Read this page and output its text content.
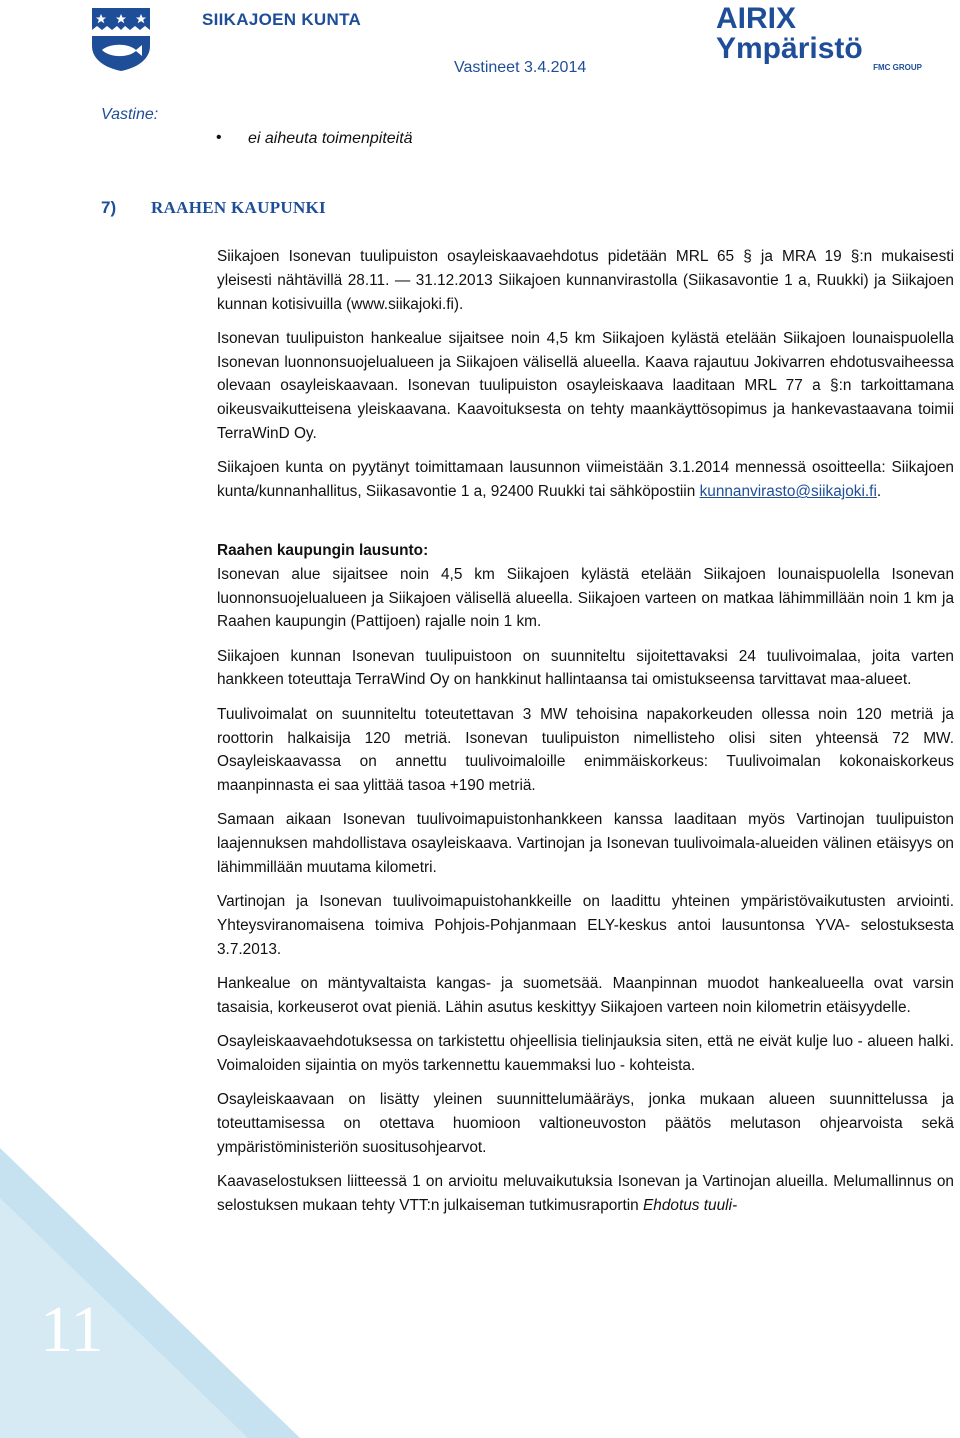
11
SIIKAJOEN KUNTA	AIRIX Ympäristö
FMC GROUP
Vastineet 3.4.2014
Vastine:
• ei aiheuta toimenpiteitä
7) RAAHEN KAUPUNKI

Siikajoen Isonevan tuulipuiston osayleiskaavaehdotus pidetään MRL 65 § ja MRA 19 §:n mukaisesti yleisesti nähtävillä 28.11. — 31.12.2013 Siikajoen kunnanvirastolla (Siikasavontie 1 a, Ruukki) ja Siikajoen kunnan kotisivuilla (www.siikajoki.fi).

Isonevan tuulipuiston hankealue sijaitsee noin 4,5 km Siikajoen kylästä etelään Siikajoen lounaispuolella Isonevan luonnonsuojelualueen ja Siikajoen välisellä alueella. Kaava rajautuu Jokivarren ehdotusvaiheessa olevaan osayleiskaavaan. Isonevan tuulipuiston osayleiskaava laaditaan MRL 77 a §:n tarkoittamana oikeusvaikutteisena yleiskaavana. Kaavoituksesta on tehty maankäyttösopimus ja hankevastaavana toimii TerraWinD Oy.

Siikajoen kunta on pyytänyt toimittamaan lausunnon viimeistään 3.1.2014 mennessä osoitteella: Siikajoen kunta/kunnanhallitus, Siikasavontie 1 a, 92400 Ruukki tai sähköpostiin kunnanvirasto@siikajoki.fi.

Raahen kaupungin lausunto:

Isonevan alue sijaitsee noin 4,5 km Siikajoen kylästä etelään Siikajoen lounaispuolella Isonevan luonnonsuojelualueen ja Siikajoen välisellä alueella. Siikajoen varteen on matkaa lähimmillään noin 1 km ja Raahen kaupungin (Pattijoen) rajalle noin 1 km.

Siikajoen kunnan Isonevan tuulipuistoon on suunniteltu sijoitettavaksi 24 tuulivoimalaa, joita varten hankkeen toteuttaja TerraWind Oy on hankkinut hallintaansa tai omistukseensa tarvittavat maa-alueet.

Tuulivoimalat on suunniteltu toteutettavan 3 MW tehoisina napakorkeuden ollessa noin 120 metriä ja roottorin halkaisija 120 metriä. Isonevan tuulipuiston nimellisteho olisi siten yhteensä 72 MW. Osayleiskaavassa on annettu tuulivoimaloille enimmäiskorkeus: Tuulivoimalan kokonaiskorkeus maanpinnasta ei saa ylittää tasoa +190 metriä.

Samaan aikaan Isonevan tuulivoimapuistonhankkeen kanssa laaditaan myös Vartinojan tuulipuiston laajennuksen mahdollistava osayleiskaava. Vartinojan ja Isonevan tuulivoimala-alueiden välinen etäisyys on lähimmillään muutama kilometri.

Vartinojan ja Isonevan tuulivoimapuistohankkeille on laadittu yhteinen ympäristövaikutusten arviointi. Yhteysviranomaisena toimiva Pohjois-Pohjanmaan ELY-keskus antoi lausuntonsa YVA- selostuksesta 3.7.2013.

Hankealue on mäntyvaltaista kangas- ja suometsää. Maanpinnan muodot hankealueella ovat varsin tasaisia, korkeuserot ovat pieniä. Lähin asutus keskittyy Siikajoen varteen noin kilometrin etäisyydelle.

Osayleiskaavaehdotuksessa on tarkistettu ohjeellisia tielinjauksia siten, että ne eivät kulje luo - alueen halki. Voimaloiden sijaintia on myös tarkennettu kauemmaksi luo - kohteista.

Osayleiskaavaan on lisätty yleinen suunnittelumääräys, jonka mukaan alueen suunnittelussa ja toteuttamisessa on otettava huomioon valtioneuvoston päätös melutason ohjearvoista sekä ympäristöministeriön suositusohjearvot.

Kaavaselostuksen liitteessä 1 on arvioitu meluvaikutuksia Isonevan ja Vartinojan alueilla. Melumallinnus on selostuksen mukaan tehty VTT:n julkaiseman tutkimusraportin Ehdotus tuuli-
